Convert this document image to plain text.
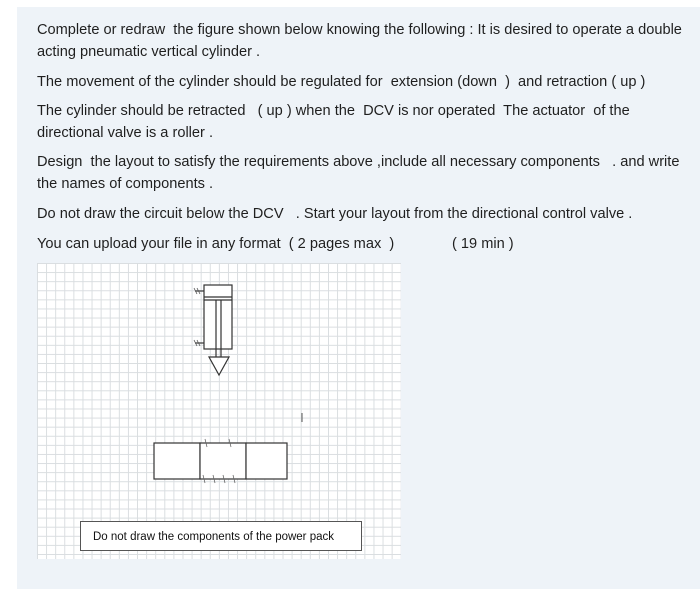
Complete or redraw  the figure shown below knowing the following : It is desired to operate a double acting pneumatic vertical cylinder .
The movement of the cylinder should be regulated for  extension (down  )  and retraction ( up )
The cylinder should be retracted   ( up ) when the  DCV is nor operated  The actuator  of the directional valve is a roller .
Design  the layout to satisfy the requirements above ,include all necessary components   . and write the names of components .
Do not draw the circuit below the DCV   . Start your layout from the directional control valve .
You can upload your file in any format  ( 2 pages max  )	( 19 min )
Do not draw the components of the power pack
